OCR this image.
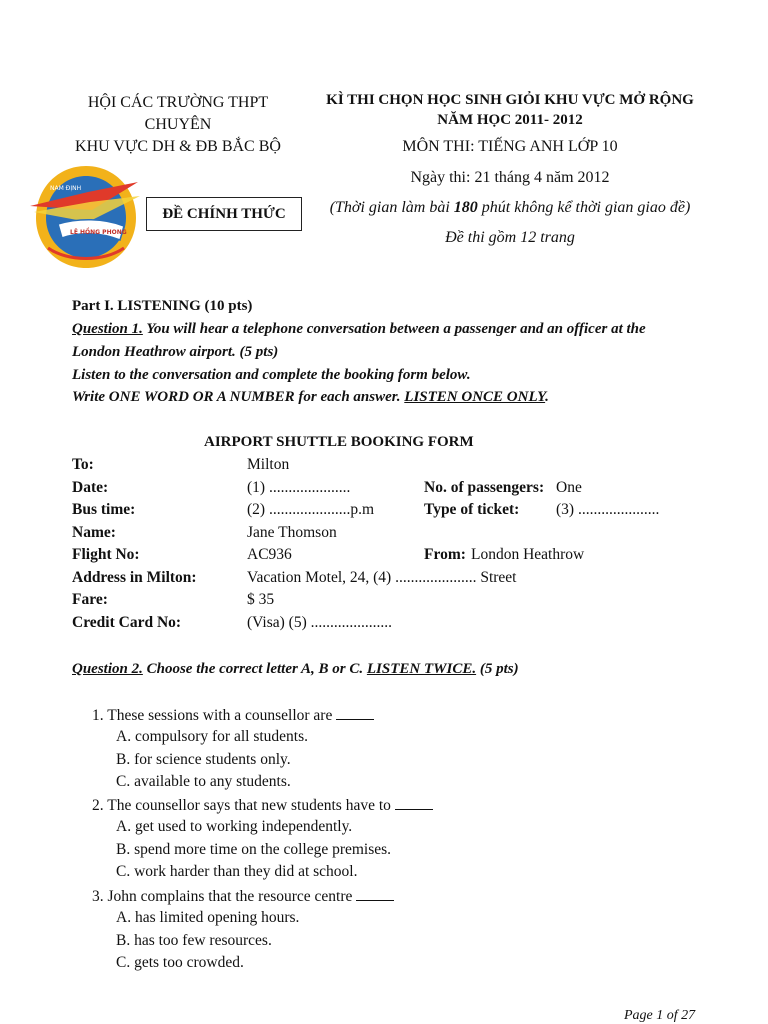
HỘI CÁC TRƯỜNG THPT
CHUYÊN
KHU VỰC DH & ĐB BẮC BỘ
NAM ĐỊNH
LÊ HỒNG PHONG
ĐỀ CHÍNH THỨC
KÌ THI CHỌN HỌC SINH GIỎI KHU VỰC MỞ RỘNG
NĂM HỌC 2011- 2012
MÔN THI: TIẾNG ANH LỚP 10
Ngày thi: 21 tháng 4 năm 2012
(Thời gian làm bài 180 phút không kể thời gian giao đề)
Đề thi gồm 12 trang
Part I. LISTENING (10 pts)
Question 1. You will hear a telephone conversation between a passenger and an officer at the
London Heathrow airport. (5 pts)
Listen to the conversation and complete the booking form below.
Write ONE WORD OR A NUMBER for each answer. LISTEN ONCE ONLY.
AIRPORT SHUTTLE BOOKING FORM
To:	Milton
Date:	(1) .....................	No. of passengers: One
Bus time:	(2) .....................p.m	Type of ticket: (3) .....................
Name:	Jane Thomson
Flight No:	AC936	From: London Heathrow
Address in Milton:	Vacation Motel, 24, (4) ..................... Street
Fare:	$ 35
Credit Card No:	(Visa) (5) .....................
Question 2. Choose the correct letter A, B or C. LISTEN TWICE. (5 pts)
1. These sessions with a counsellor are
A. compulsory for all students.
B. for science students only.
C. available to any students.
2. The counsellor says that new students have to
A. get used to working independently.
B. spend more time on the college premises.
C. work harder than they did at school.
3. John complains that the resource centre
A. has limited opening hours.
B. has too few resources.
C. gets too crowded.
Page 1 of 27
